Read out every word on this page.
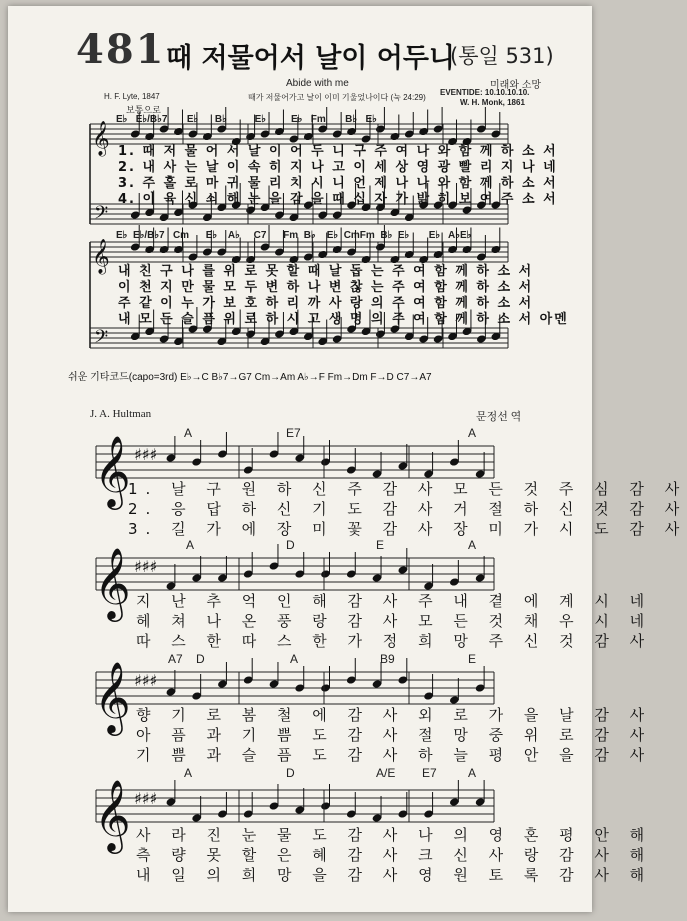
481 때 저물어서 날이 어두니
(통일 531)
Abide with me
때가 저물어가고 날이 이미 기울었나이다 (눅 24:29)
미래와 소망
H. F. Lyte, 1847	EVENTIDE: 10.10.10.10.
W. H. Monk, 1861
보통으로
E♭   E♭/B♭7       E♭      B♭          E♭         E♭   Fm       B♭   E♭
E♭  E♭/B♭7   Cm      E♭    A♭     C7      Fm  B♭    E♭  CmFm  B♭  E♭       E♭   A♭E♭
𝄞
𝄢
𝄞
𝄢
𝄞 ♯♯♯
𝄞 ♯♯♯
𝄞 ♯♯♯
𝄞 ♯♯♯
1. 때 저 물 어 서 날 이 어 두 니 구 주 여 나 와 함 께 하 소 서
2. 내 사 는 날 이 속 히 지 나 고 이 세 상 영 광 빨 리 지 나 네
3. 주 홀 로 마 귀 물 리 치 시 니 언 제 나 나 와 함 께 하 소 서
4. 이 육 신 쇠 해 눈 을 감 을 때 십 자 가 밝 히 보 여 주 소 서
내 친 구 나 를 위 로 못 할 때 날 돕 는 주 여 함 께 하 소 서
이 천 지 만 물 모 두 변 하 나 변 찮 는 주 여 함 께 하 소 서
주 같 이 누 가 보 호 하 리 까 사 랑 의 주 여 함 께 하 소 서
내 모 든 슬 픔 위 로 하 시 고 생 명 의 주 여 함 께 하 소 서 아멘
쉬운 기타코드(capo=3rd) E♭→C B♭7→G7 Cm→Am A♭→F Fm→Dm F→D C7→A7
J. A. Hultman	문정선 역
A	E7	A
A	D	E	A
A7 D	A	B9	E
A	D	A/E E7	A
1. 날 구 원 하 신 주 감 사 모 든 것 주 심 감 사
2. 응 답 하 신 기 도 감 사 거 절 하 신 것 감 사
3. 길 가 에 장 미 꽃 감 사 장 미 가 시 도 감 사
지 난 추 억 인 해 감 사 주 내 곁 에 계 시 네
헤 쳐 나 온 풍 랑 감 사 모 든 것 채 우 시 네
따 스 한 따 스 한 가 정 희 망 주 신 것 감 사
향 기 로 봄 철 에 감 사 외 로 가 을 날 감 사
아 픔 과 기 쁨 도 감 사 절 망 중 위 로 감 사
기 쁨 과 슬 픔 도 감 사 하 늘 평 안 을 감 사
사 라 진 눈 물 도 감 사 나 의 영 혼 평 안 해
측 량 못 할 은 혜 감 사 크 신 사 랑 감 사 해
내 일 의 희 망 을 감 사 영 원 토 록 감 사 해
